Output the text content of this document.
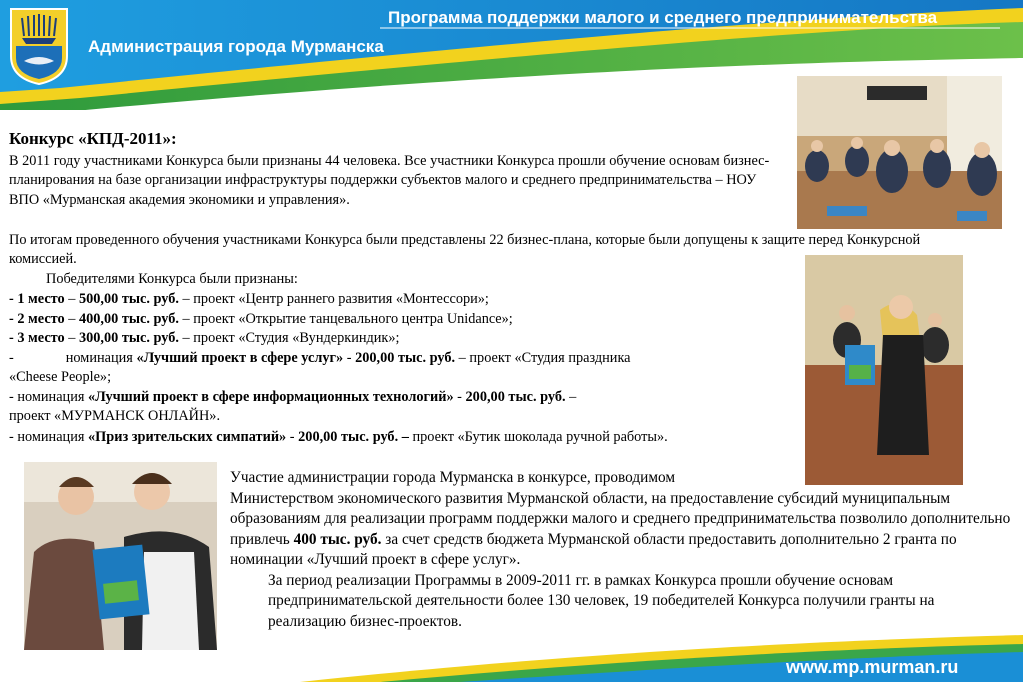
Программа поддержки малого и среднего предпринимательства
Администрация города Мурманска
Конкурс «КПД-2011»:
В 2011 году участниками Конкурса были признаны 44 человека. Все участники Конкурса прошли обучение основам бизнес-планирования на базе организации инфраструктуры поддержки субъектов малого и среднего предпринимательства – НОУ ВПО «Мурманская академия экономики и управления».
По итогам проведенного обучения участниками Конкурса были представлены 22 бизнес-плана, которые были допущены к защите перед Конкурсной комиссией.
Победителями Конкурса были признаны:
- 1 место – 500,00 тыс. руб. – проект «Центр раннего развития «Монтессори»;
- 2 место – 400,00 тыс. руб. – проект «Открытие танцевального центра Unidance»;
- 3 место – 300,00 тыс. руб. – проект «Студия «Вундеркиндик»;
-	номинация «Лучший проект в сфере услуг» - 200,00 тыс. руб. – проект «Студия праздника
«Cheese People»;
- номинация «Лучший проект в сфере информационных технологий» - 200,00 тыс. руб. –
проект «МУРМАНСК ОНЛАЙН».
- номинация «Приз зрительских симпатий» - 200,00 тыс. руб. – проект «Бутик шоколада ручной работы».
Участие администрации города Мурманска в конкурсе, проводимом
Министерством экономического развития Мурманской области, на предоставление субсидий муниципальным образованиям для реализации программ поддержки малого и среднего предпринимательства позволило дополнительно привлечь 400 тыс. руб. за счет средств бюджета Мурманской области предоставить дополнительно 2 гранта по номинации «Лучший проект в сфере услуг».
За период реализации Программы в 2009-2011 гг. в рамках Конкурса прошли обучение основам предпринимательской деятельности более 130 человек, 19 победителей Конкурса получили гранты на реализацию бизнес-проектов.
www.mp.murman.ru
